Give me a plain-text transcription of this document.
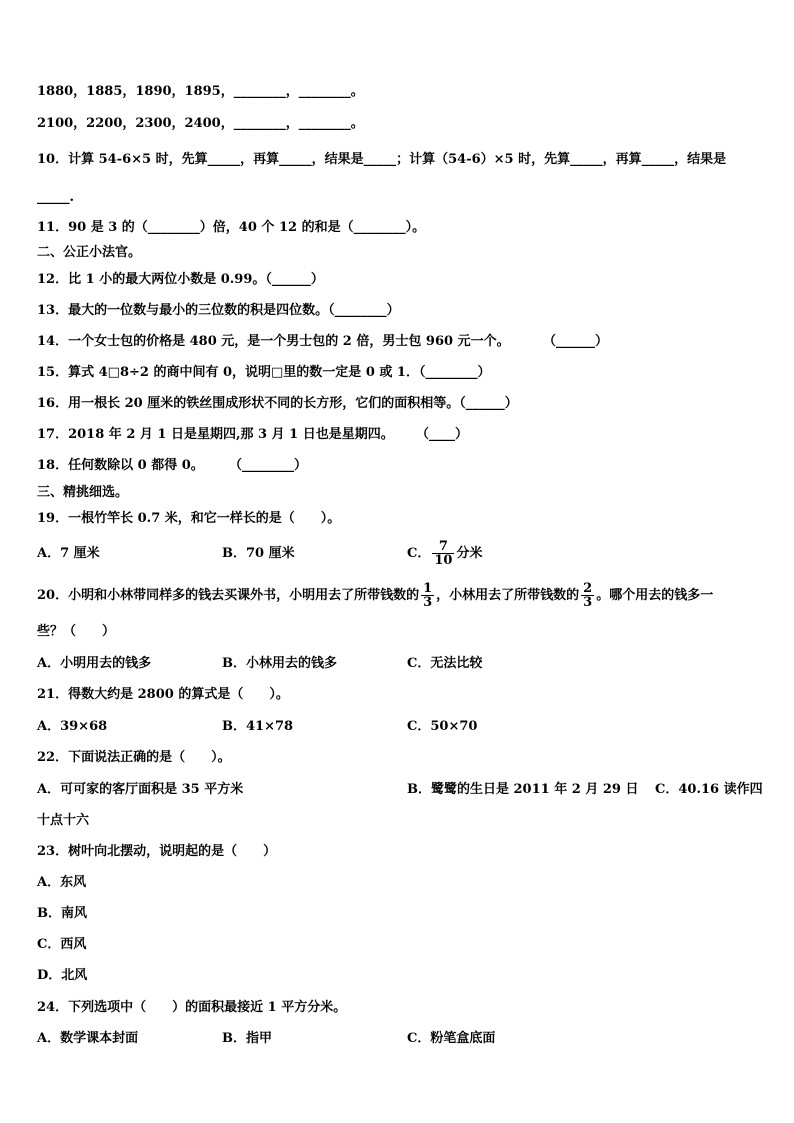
1880，1885，1890，1895，________，________。
2100，2200，2300，2400，________，________。
10．计算 54-6×5 时，先算_____，再算_____，结果是_____；计算（54-6）×5 时，先算_____，再算_____，结果是
_____.
11．90 是 3 的（________）倍，40 个 12 的和是（________）。
二、公正小法官。
12．比 1 小的最大两位小数是 0.99。（______）
13．最大的一位数与最小的三位数的积是四位数。（________）
14．一个女士包的价格是 480 元，是一个男士包的 2 倍，男士包 960 元一个。	（______）
15．算式 4□8÷2 的商中间有 0，说明□里的数一定是 0 或 1．（________）
16．用一根长 20 厘米的铁丝围成形状不同的长方形，它们的面积相等。（______）
17．2018 年 2 月 1 日是星期四,那 3 月 1 日也是星期四。 （____）
18．任何数除以 0 都得 0。 （________）
三、精挑细选。
19．一根竹竿长 0.7 米，和它一样长的是（　　）。
A．7 厘米	B．70 厘米	C． $\frac{7}{10}$ 分米
20．小明和小林带同样多的钱去买课外书，小明用去了所带钱数的 $\frac{1}{3}$ ，小林用去了所带钱数的 $\frac{2}{3}$ 。哪个用去的钱多一
些？（　　）
A．小明用去的钱多	B．小林用去的钱多	C．无法比较
21．得数大约是 2800 的算式是（　　）。
A．39×68	B．41×78	C．50×70
22．下面说法正确的是（　　）。
A．可可家的客厅面积是 35 平方米	B．鹭鹭的生日是 2011 年 2 月 29 日 C．40.16 读作四
十点十六
23．树叶向北摆动，说明起的是（　　）
A．东风
B．南风
C．西风
D．北风
24．下列选项中（　　）的面积最接近 1 平方分米。
A．数学课本封面	B．指甲	C．粉笔盒底面
